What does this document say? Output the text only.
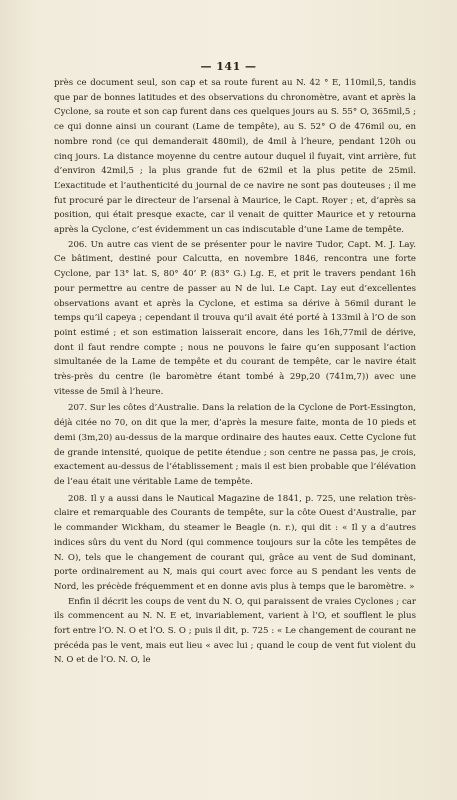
— 141 —

près ce document seul, son cap et sa route furent au N. 42 ° E, 110mil,5, tandis que par de bonnes latitudes et des observations du chronomètre, avant et après la Cyclone, sa route et son cap furent dans ces quelques jours au S. 55° O, 365mil,5 ; ce qui donne ainsi un courant (Lame de tempête), au S. 52° O de 476mil ou, en nombre rond (ce qui demanderait 480mil), de 4mil à l’heure, pendant 120h ou cinq jours. La distance moyenne du centre autour duquel il fuyait, vint arrière, fut d’environ 42mil,5 ; la plus grande fut de 62mil et la plus petite de 25mil. L’exactitude et l’authenticité du journal de ce navire ne sont pas douteuses ; il me fut procuré par le directeur de l’arsenal à Maurice, le Capt. Royer ; et, d’après sa position, qui était presque exacte, car il venait de quitter Maurice et y retourna après la Cyclone, c’est évidemment un cas indiscutable d’une Lame de tempête.

206. Un autre cas vient de se présenter pour le navire Tudor, Capt. M. J. Lay. Ce bâtiment, destiné pour Calcutta, en novembre 1846, rencontra une forte Cyclone, par 13° lat. S, 80° 40’ P. (83° G.) Lg. E, et prit le travers pendant 16h pour permettre au centre de passer au N de lui. Le Capt. Lay eut d’excellentes observations avant et après la Cyclone, et estima sa dérive à 56mil durant le temps qu’il capeya ; cependant il trouva qu’il avait été porté à 133mil à l’O de son point estimé ; et son estimation laisserait encore, dans les 16h,77mil de dérive, dont il faut rendre compte ; nous ne pouvons le faire qu’en supposant l’action simultanée de la Lame de tempête et du courant de tempête, car le navire était très-près du centre (le baromètre étant tombé à 29p,20 (741m,7)) avec une vitesse de 5mil à l’heure.

207. Sur les côtes d’Australie. Dans la relation de la Cyclone de Port-Essington, déjà citée no 70, on dit que la mer, d’après la mesure faite, monta de 10 pieds et demi (3m,20) au-dessus de la marque ordinaire des hautes eaux. Cette Cyclone fut de grande intensité, quoique de petite étendue ; son centre ne passa pas, je crois, exactement au-dessus de l’établissement ; mais il est bien probable que l’élévation de l’eau était une véritable Lame de tempête.

208. Il y a aussi dans le Nautical Magazine de 1841, p. 725, une relation très-claire et remarquable des Courants de tempête, sur la côte Ouest d’Australie, par le commander Wickham, du steamer le Beagle (n. r.), qui dit : « Il y a d’autres indices sûrs du vent du Nord (qui commence toujours sur la côte les tempêtes de N. O), tels que le changement de courant qui, grâce au vent de Sud dominant, porte ordinairement au N, mais qui court avec force au S pendant les vents de Nord, les précède fréquemment et en donne avis plus à temps que le baromètre. »

Enfin il décrit les coups de vent du N. O, qui paraissent de vraies Cyclones ; car ils commencent au N. N. E et, invariablement, varient à l’O, et soufflent le plus fort entre l’O. N. O et l’O. S. O ; puis il dit, p. 725 : « Le changement de courant ne précéda pas le vent, mais eut lieu « avec lui ; quand le coup de vent fut violent du N. O et de l’O. N. O, le
